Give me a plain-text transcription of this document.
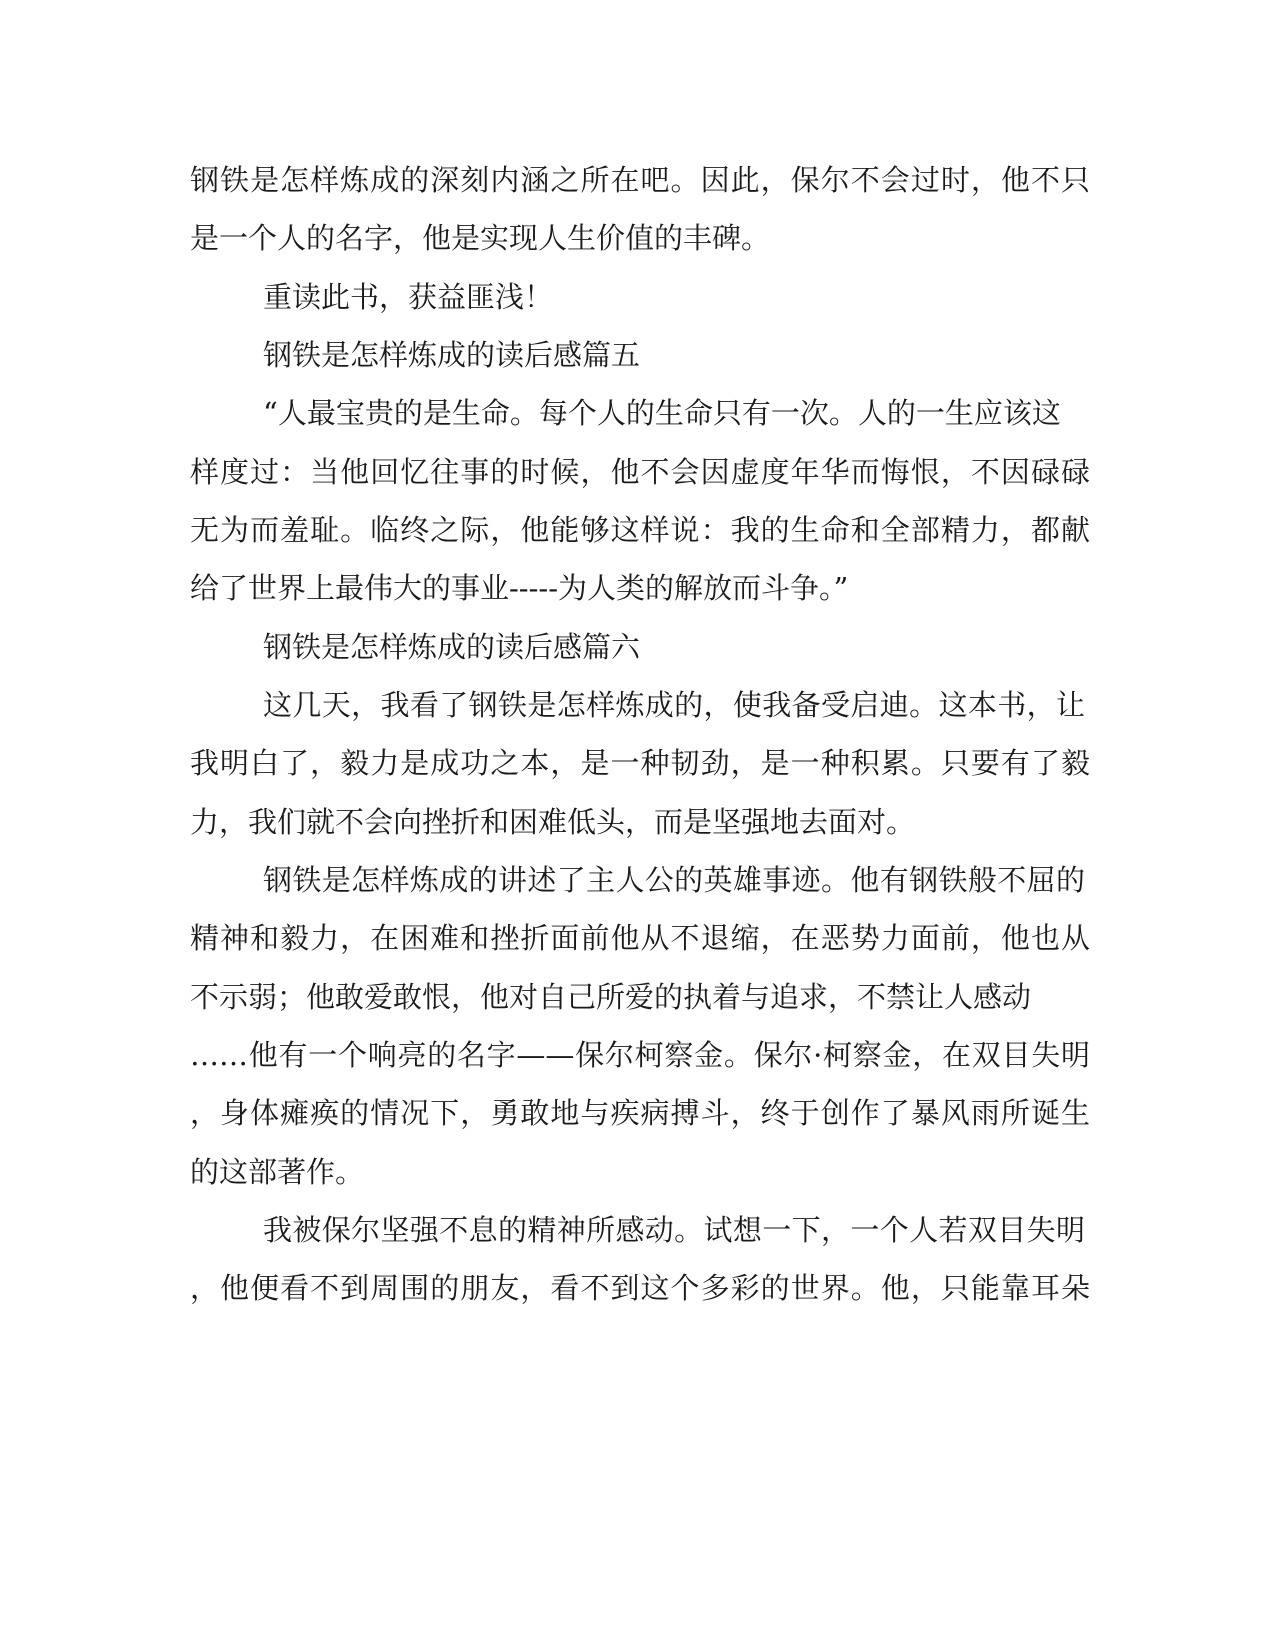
钢铁是怎样炼成的深刻内涵之所在吧。因此，保尔不会过时，他不只
是一个人的名字，他是实现人生价值的丰碑。
重读此书，获益匪浅！
钢铁是怎样炼成的读后感篇五
“人最宝贵的是生命。每个人的生命只有一次。人的一生应该这
样度过：当他回忆往事的时候，他不会因虚度年华而悔恨，不因碌碌
无为而羞耻。临终之际，他能够这样说：我的生命和全部精力，都献
给了世界上最伟大的事业-----为人类的解放而斗争。”
钢铁是怎样炼成的读后感篇六
这几天，我看了钢铁是怎样炼成的，使我备受启迪。这本书，让
我明白了，毅力是成功之本，是一种韧劲，是一种积累。只要有了毅
力，我们就不会向挫折和困难低头，而是坚强地去面对。
钢铁是怎样炼成的讲述了主人公的英雄事迹。他有钢铁般不屈的
精神和毅力，在困难和挫折面前他从不退缩，在恶势力面前，他也从
不示弱；他敢爱敢恨，他对自己所爱的执着与追求，不禁让人感动
……他有一个响亮的名字——保尔柯察金。保尔·柯察金，在双目失明
，身体瘫痪的情况下，勇敢地与疾病搏斗，终于创作了暴风雨所诞生
的这部著作。
我被保尔坚强不息的精神所感动。试想一下，一个人若双目失明
，他便看不到周围的朋友，看不到这个多彩的世界。他，只能靠耳朵
